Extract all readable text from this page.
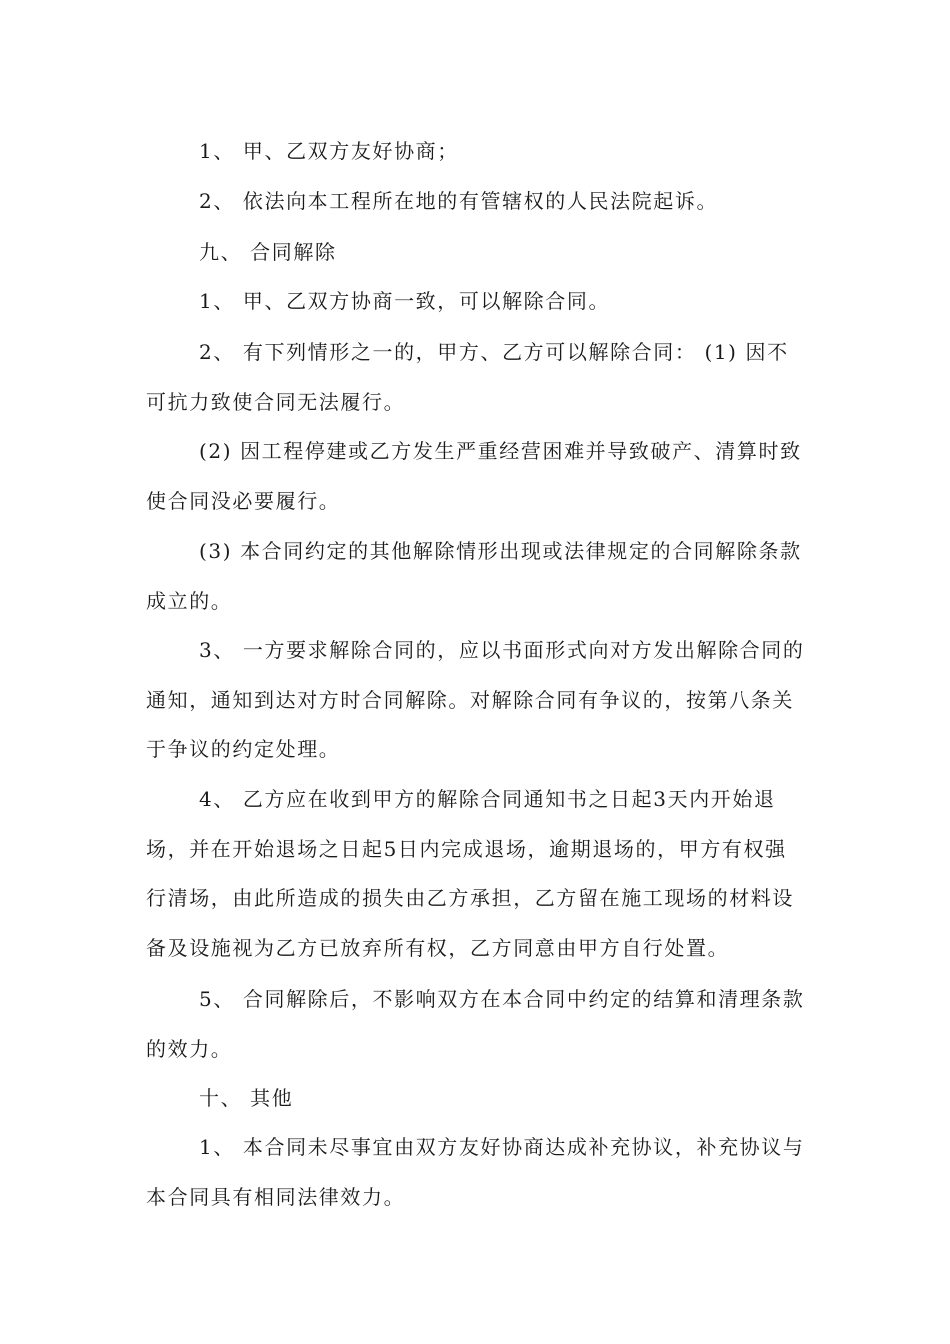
1、 甲、乙双方友好协商；

2、 依法向本工程所在地的有管辖权的人民法院起诉。

九、 合同解除

1、 甲、乙双方协商一致，可以解除合同。

2、 有下列情形之一的，甲方、乙方可以解除合同： (1) 因不可抗力致使合同无法履行。

(2) 因工程停建或乙方发生严重经营困难并导致破产、清算时致使合同没必要履行。

(3) 本合同约定的其他解除情形出现或法律规定的合同解除条款成立的。

3、 一方要求解除合同的，应以书面形式向对方发出解除合同的通知，通知到达对方时合同解除。对解除合同有争议的，按第八条关于争议的约定处理。

4、 乙方应在收到甲方的解除合同通知书之日起3天内开始退场，并在开始退场之日起5日内完成退场，逾期退场的，甲方有权强行清场，由此所造成的损失由乙方承担，乙方留在施工现场的材料设备及设施视为乙方已放弃所有权，乙方同意由甲方自行处置。

5、 合同解除后，不影响双方在本合同中约定的结算和清理条款的效力。

十、 其他

1、 本合同未尽事宜由双方友好协商达成补充协议，补充协议与本合同具有相同法律效力。
